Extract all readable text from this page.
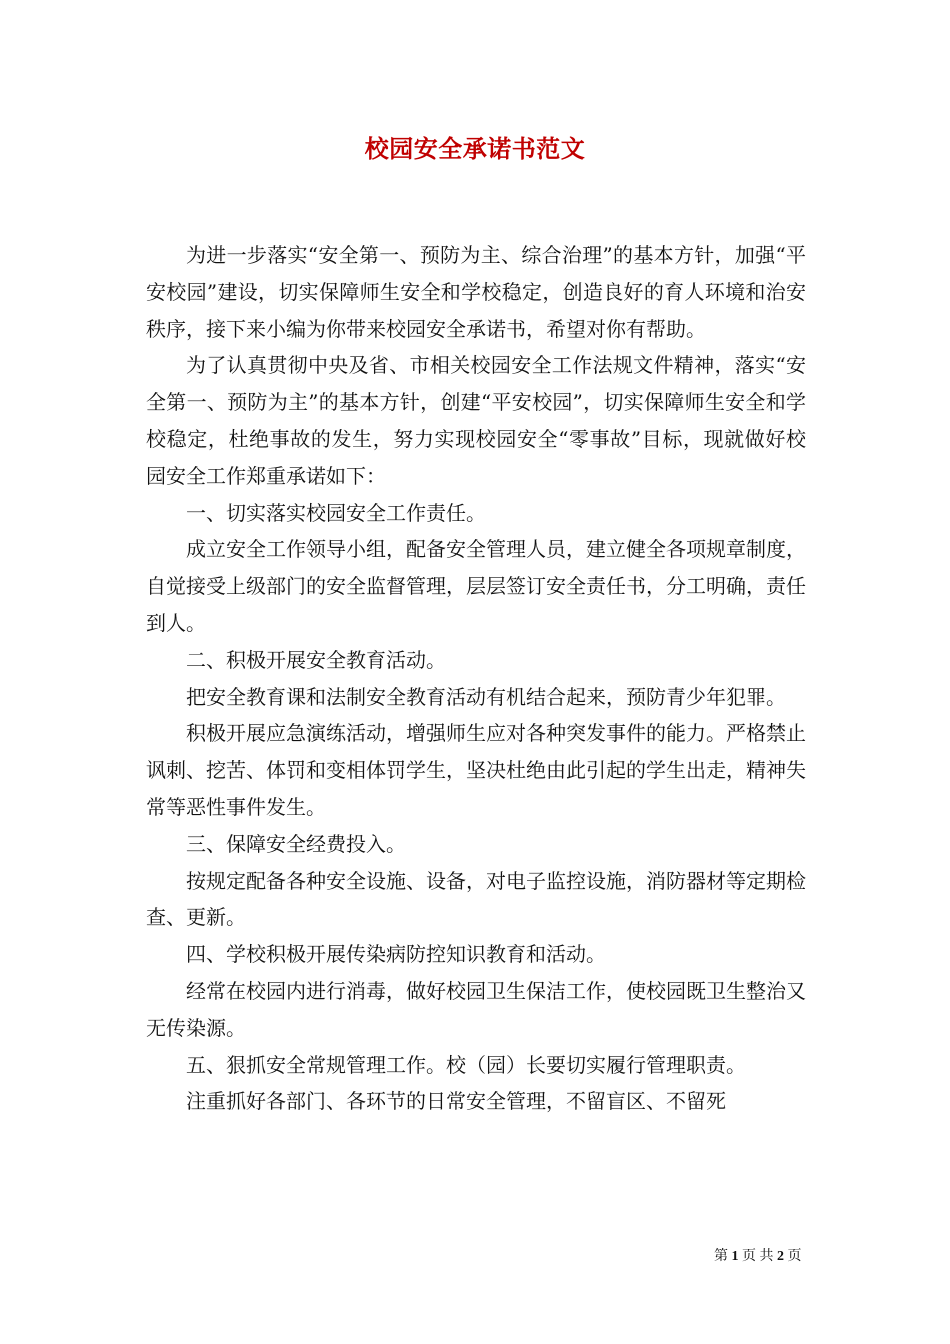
校园安全承诺书范文

为进一步落实“安全第一、预防为主、综合治理”的基本方针，加强“平安校园”建设，切实保障师生安全和学校稳定，创造良好的育人环境和治安秩序，接下来小编为你带来校园安全承诺书，希望对你有帮助。

为了认真贯彻中央及省、市相关校园安全工作法规文件精神，落实“安全第一、预防为主”的基本方针，创建“平安校园”，切实保障师生安全和学校稳定，杜绝事故的发生，努力实现校园安全“零事故”目标，现就做好校园安全工作郑重承诺如下：

一、切实落实校园安全工作责任。

成立安全工作领导小组，配备安全管理人员，建立健全各项规章制度，自觉接受上级部门的安全监督管理，层层签订安全责任书，分工明确，责任到人。

二、积极开展安全教育活动。

把安全教育课和法制安全教育活动有机结合起来，预防青少年犯罪。

积极开展应急演练活动，增强师生应对各种突发事件的能力。严格禁止讽刺、挖苦、体罚和变相体罚学生，坚决杜绝由此引起的学生出走，精神失常等恶性事件发生。

三、保障安全经费投入。

按规定配备各种安全设施、设备，对电子监控设施，消防器材等定期检查、更新。

四、学校积极开展传染病防控知识教育和活动。

经常在校园内进行消毒，做好校园卫生保洁工作，使校园既卫生整治又无传染源。

五、狠抓安全常规管理工作。校（园）长要切实履行管理职责。

注重抓好各部门、各环节的日常安全管理，不留盲区、不留死

第 1 页 共 2 页
